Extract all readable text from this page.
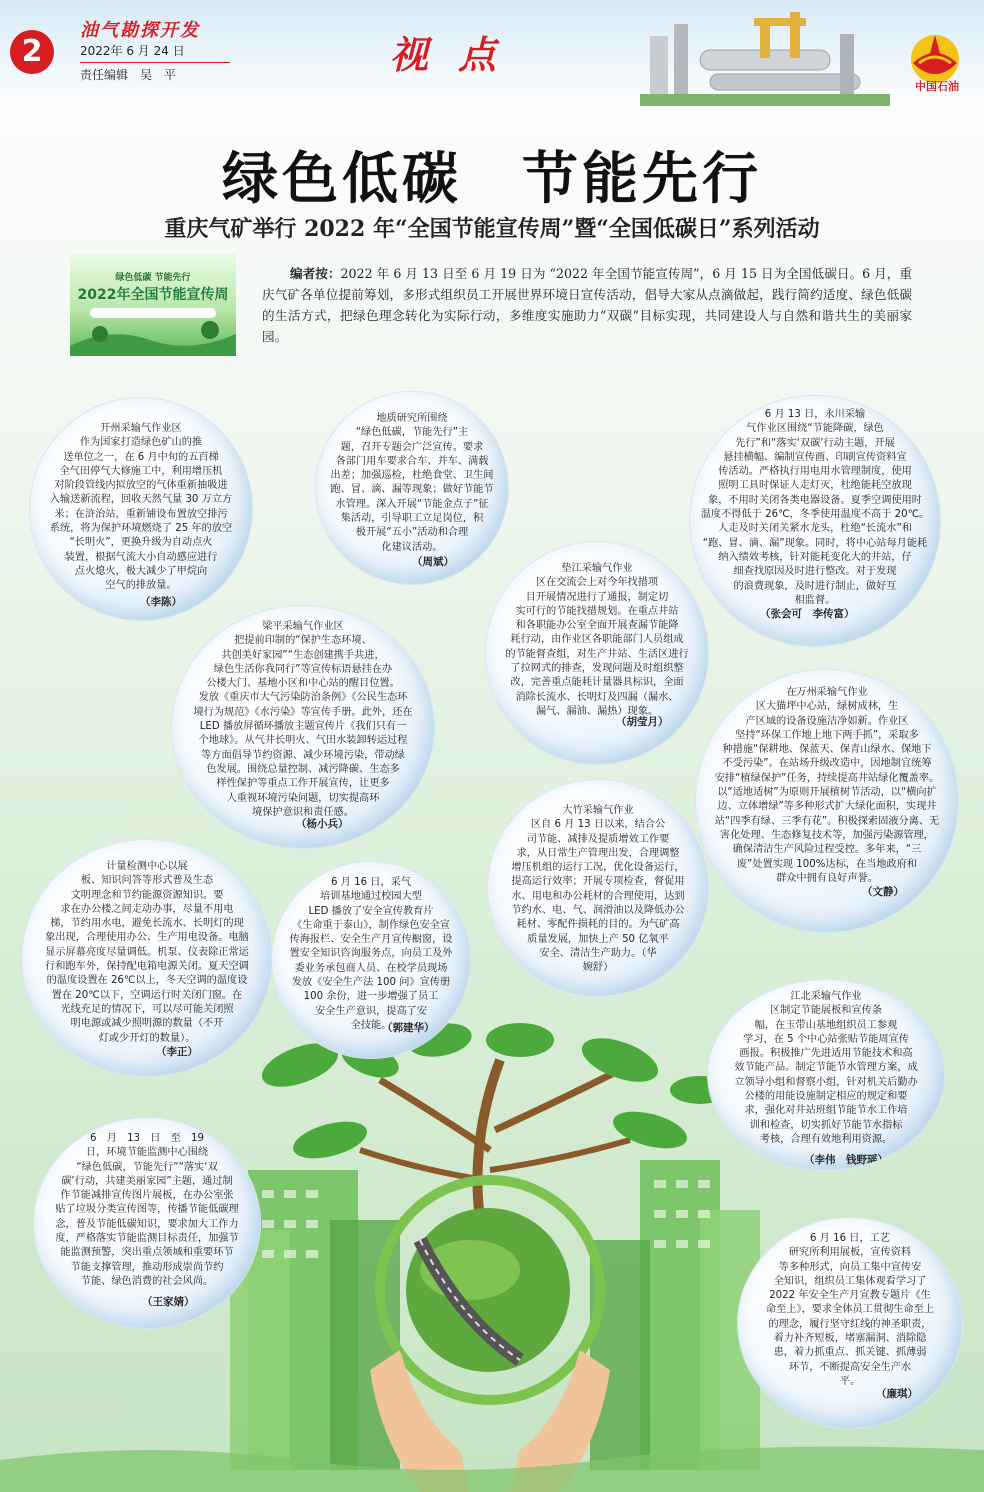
2
油气勘探开发
2022年 6 月 24 日
责任编辑　吴　平	视点
中国石油
绿色低碳　节能先行
重庆气矿举行 2022 年“全国节能宣传周”暨“全国低碳日”系列活动
绿色低碳 节能先行
2022年全国节能宣传周
编者按：2022 年 6 月 13 日至 6 月 19 日为 “2022 年全国节能宣传周”，6 月 15 日为全国低碳日。6 月，重庆气矿各单位提前筹划，多形式组织员工开展世界环境日宣传活动，倡导大家从点滴做起，践行简约适度、绿色低碳的生活方式，把绿色理念转化为实际行动，多维度实施助力“双碳”目标实现，共同建设人与自然和谐共生的美丽家园。
开州采输气作业区
作为国家打造绿色矿山的推
送单位之一，在 6 月中旬的五百梯
全气田停气大修施工中，利用增压机
对阶段管线内拟放空的气体重新抽吸进
入输送新流程，回收天然气量 30 万立方
米；在浒治站，重新铺设布置放空排污
系统，将为保护环境燃烧了 25 年的放空
“长明火”，更换升级为自动点火
装置，根据气流大小自动感应进行
点火熄火，极大减少了甲烷向
空气的排放量。
（李陈）
地质研究所围绕
“绿色低碳，节能先行”主
题，召开专题会广泛宣传。要求
各部门用车要求合车、并车、满载
出差；加强巡检，杜绝食堂、卫生间
跑、冒、滴、漏等现象；做好节能节
水管理。深入开展“节能金点子”征
集活动，引导职工立足岗位，积
极开展“五小”活动和合理
化建议活动。
（周斌）
6 月 13 日，永川采输
气作业区围绕“节能降碳，绿色
先行”和“落实‘双碳’行动主题，开展
悬挂横幅、编制宣传画、印刷宣传资料宣
传活动。严格执行用电用水管理制度，使用
照明工具时保证人走灯灭，杜绝能耗空放现
象，不用时关闭各类电器设备。夏季空调使用时
温度不得低于 26℃，冬季使用温度不高于 20℃。
人走及时关闭关紧水龙头，杜绝“长流水”和
“跑、冒、滴、漏”现象。同时，将中心站每月能耗
纳入绩效考核，针对能耗变化大的井站，仔
细查找原因及时进行整改。对于发现
的浪费现象，及时进行制止，做好互
相监督。
（张会可　李传富）
垫江采输气作业
区在交流会上对今年找措项
目开展情况进行了通报，制定切
实可行的节能找措规划。在重点井站
和各职能办公室全面开展查漏节能降
耗行动，由作业区各职能部门人员组成
的节能督查组，对生产井站、生活区进行
了拉网式的排查，发现问题及时组织整
改，完善重点能耗计量器具标识，全面
消除长流水、长明灯及四漏（漏水、
漏气、漏油、漏热）现象。
（胡莹月）
梁平采输气作业区
把提前印制的“保护生态环境、
共创美好家园”“生态创建携手共进，
绿色生活你我同行”等宣传标语悬挂在办
公楼大门、基地小区和中心站的醒目位置。
发放《重庆市大气污染防治条例》《公民生态环
境行为规范》《水污染》等宣传手册。此外，还在
LED 播放屏循环播放主题宣传片《我们只有一
个地球》。从气井长明火、气田水装卸转运过程
等方面倡导节约资源、减少环境污染，带动绿
色发展。围绕总量控制、减污降碳、生态多
样性保护等重点工作开展宣传，让更多
人重视环境污染问题，切实提高环
境保护意识和责任感。
（杨小兵）
在万州采输气作业
区大猫坪中心站，绿树成林，生
产区域的设备设施洁净如新。作业区
坚持“环保工作地上地下两手抓”，采取多
种措施“保耕地、保蓝天、保青山绿水、保地下
不受污染”。在站场升级改造中，因地制宜统筹
安排“植绿保护”任务，持续提高井站绿化覆盖率。
以“适地适树”为原则开展植树节活动，以“横向扩
边、立体增绿”等多种形式扩大绿化面积，实现井
站“四季有绿、三季有花”。积极探索固液分离、无
害化处理、生态修复技术等，加强污染源管理，
确保清洁生产风险过程受控。多年来，“三
废”处置实现 100%达标，在当地政府和
群众中拥有良好声誉。
（文静）
大竹采输气作业
区自 6 月 13 日以来，结合公
司节能、减排及提质增效工作要
求，从日常生产管理出发，合理调整
增压机组的运行工况，优化设备运行，
提高运行效率；开展专项检查，督促用
水、用电和办公耗材的合理使用，达到
节约水、电、气、润滑油以及降低办公
耗材、零配件损耗的目的。为气矿高
质量发展，加快上产 50 亿氧平
安全、清洁生产助力。（华
婉舒）
计量检测中心以展
板、知识问答等形式普及生态
文明理念和节约能源资源知识。要
求在办公楼之间走动办事，尽量不用电
梯，节约用水电，避免长流水、长明灯的现
象出现，合理使用办公、生产用电设备。电脑
显示屏幕亮度尽量调低。机泵、仪表除正常运
行和跑车外，保持配电箱电源关闭。夏天空调
的温度设置在 26℃以上，冬天空调的温度设
置在 20℃以下，空调运行时关闭门窗。在
光线充足的情况下，可以尽可能关闭照
明电源或减少照明源的数量（不开
灯或少开灯的数量）。
（李正）
6 月 16 日，采气
培训基地通过校园大型
LED 播放了安全宣传教育片
《生命重于泰山》，制作绿色安全宣
传海报栏、安全生产月宣传橱窗，设
置安全知识咨询服务点，向员工及外
委业务承包商人员、在校学员现场
发放《安全生产法 100 问》宣传册
100 余份，进一步增强了员工
安全生产意识，提高了安
全技能。
（郭建华）
江北采输气作业
区制定节能展板和宣传条
幅，在玉带山基地组织员工参观
学习，在 5 个中心站张贴节能周宣传
画报。积极推广先进适用节能技术和高
效节能产品。制定节能节水管理方案，成
立领导小组和督察小组，针对机关后勤办
公楼的用能设施制定相应的规定和要
求，强化对井站班组节能节水工作培
训和检查，切实抓好节能节水指标
考核，合理有效地利用资源。
（李伟　钱野瑶）
6　月　13　日　至　19
日，环境节能监测中心围绕
“绿色低碳，节能先行”“落实‘双
碳’行动，共建美丽家园”主题，通过制
作节能减排宣传图片展板，在办公室张
贴了垃圾分类宣传图等，传播节能低碳理
念，普及节能低碳知识，要求加大工作力
度，严格落实节能监测目标责任，加强节
能监测预警，突出重点领域和重要环节
节能支撑管理，推动形成崇尚节约
节能、绿色消费的社会风尚。
（王家婧）
6 月 16 日，工艺
研究所利用展板，宣传资料
等多种形式，向员工集中宣传安
全知识，组织员工集体观看学习了
2022 年安全生产月宣教专题片《生
命至上》，要求全体员工贯彻生命至上
的理念，履行坚守红线的神圣职责，
着力补齐短板，堵塞漏洞、消除隐
患，着力抓重点、抓关键、抓薄弱
环节，不断提高安全生产水
平。
（廉琪）
